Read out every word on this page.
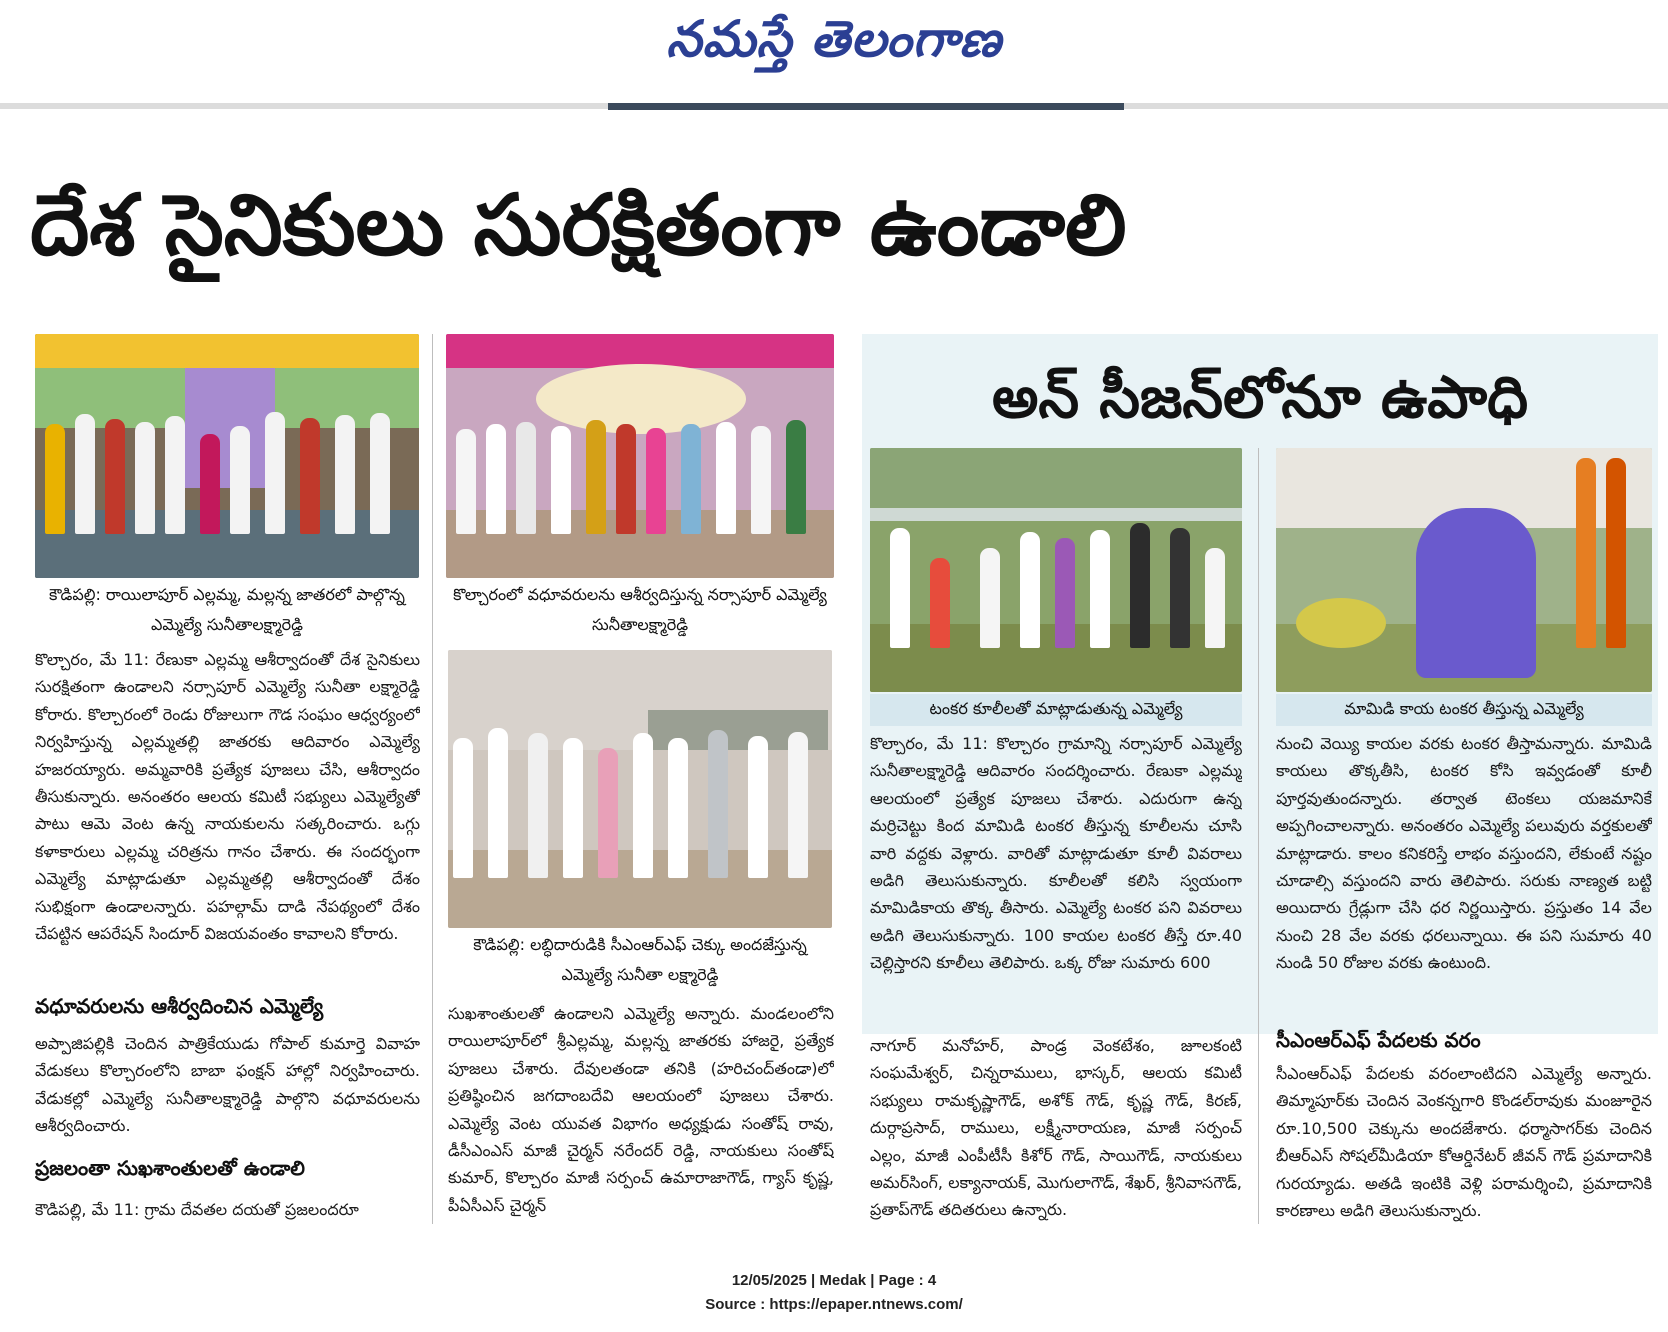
నమస్తే తెలంగాణ
దేశ సైనికులు సురక్షితంగా ఉండాలి
కౌడిపల్లి: రాయిలాపూర్ ఎల్లమ్మ, మల్లన్న జాతరలో పాల్గొన్న ఎమ్మెల్యే సునీతాలక్ష్మారెడ్డి
కొల్చారంలో వధూవరులను ఆశీర్వదిస్తున్న నర్సాపూర్ ఎమ్మెల్యే సునీతాలక్ష్మారెడ్డి
కౌడిపల్లి: లబ్ధిదారుడికి సీఎంఆర్ఎఫ్ చెక్కు అందజేస్తున్న ఎమ్మెల్యే సునీతా లక్ష్మారెడ్డి

కొల్చారం, మే 11: రేణుకా ఎల్లమ్మ ఆశీర్వాదంతో దేశ సైనికులు సురక్షితంగా ఉండాలని నర్సాపూర్ ఎమ్మెల్యే సునీతా లక్ష్మారెడ్డి కోరారు. కొల్చారంలో రెండు రోజులుగా గౌడ సంఘం ఆధ్వర్యంలో నిర్వహిస్తున్న ఎల్లమ్మతల్లి జాతరకు ఆదివారం ఎమ్మెల్యే హజరయ్యారు. అమ్మవారికి ప్రత్యేక పూజలు చేసి, ఆశీర్వాదం తీసుకున్నారు. అనంతరం ఆలయ కమిటీ సభ్యులు ఎమ్మెల్యేతో పాటు ఆమె వెంట ఉన్న నాయకులను సత్కరించారు. ఒగ్గు కళాకారులు ఎల్లమ్మ చరిత్రను గానం చేశారు. ఈ సందర్భంగా ఎమ్మెల్యే మాట్లాడుతూ ఎల్లమ్మతల్లి ఆశీర్వాదంతో దేశం సుభిక్షంగా ఉండాలన్నారు. పహల్గామ్ దాడి నేపథ్యంలో దేశం చేపట్టిన ఆపరేషన్ సిందూర్ విజయవంతం కావాలని కోరారు.

వధూవరులను ఆశీర్వదించిన ఎమ్మెల్యే

అప్పాజిపల్లికి చెందిన పాత్రికేయుడు గోపాల్ కుమార్తె వివాహ వేడుకలు కొల్చారంలోని బాబా ఫంక్షన్ హాల్లో నిర్వహించారు. వేడుకల్లో ఎమ్మెల్యే సునీతాలక్ష్మారెడ్డి పాల్గొని వధూవరులను ఆశీర్వదించారు.

ప్రజలంతా సుఖశాంతులతో ఉండాలి

కౌడిపల్లి, మే 11: గ్రామ దేవతల దయతో ప్రజలందరూ

సుఖశాంతులతో ఉండాలని ఎమ్మెల్యే అన్నారు. మండలంలోని రాయిలాపూర్‌లో శ్రీఎల్లమ్మ, మల్లన్న జాతరకు హాజరై, ప్రత్యేక పూజలు చేశారు. దేవులతండా తనికి (హరిచంద్‌తండా)లో ప్రతిష్ఠించిన జగదాంబదేవి ఆలయంలో పూజలు చేశారు. ఎమ్మెల్యే వెంట యువత విభాగం అధ్యక్షుడు సంతోష్ రావు, డీసీఎంఎస్ మాజీ చైర్మన్ నరేందర్ రెడ్డి, నాయకులు సంతోష్ కుమార్, కొల్చారం మాజీ సర్పంచ్ ఉమారాజాగౌడ్, గ్యాస్ కృష్ణ, పీఏసీఎస్ చైర్మన్

అన్ సీజన్‌లోనూ ఉపాధి
టంకర కూలీలతో మాట్లాడుతున్న ఎమ్మెల్యే	మామిడి కాయ టంకర తీస్తున్న ఎమ్మెల్యే

కొల్చారం, మే 11: కొల్చారం గ్రామాన్ని నర్సాపూర్ ఎమ్మెల్యే సునీతాలక్ష్మారెడ్డి ఆదివారం సందర్శించారు. రేణుకా ఎల్లమ్మ ఆలయంలో ప్రత్యేక పూజలు చేశారు. ఎదురుగా ఉన్న మర్రిచెట్టు కింద మామిడి టంకర తీస్తున్న కూలీలను చూసి వారి వద్దకు వెళ్లారు. వారితో మాట్లాడుతూ కూలీ వివరాలు అడిగి తెలుసుకున్నారు. కూలీలతో కలిసి స్వయంగా మామిడికాయ తొక్క తీసారు. ఎమ్మెల్యే టంకర పని వివరాలు అడిగి తెలుసుకున్నారు. 100 కాయల టంకర తీస్తే రూ.40 చెల్లిస్తారని కూలీలు తెలిపారు. ఒక్క రోజు సుమారు 600

నుంచి వెయ్యి కాయల వరకు టంకర తీస్తామన్నారు. మామిడి కాయలు తొక్కతీసి, టంకర కోసి ఇవ్వడంతో కూలీ పూర్తవుతుందన్నారు. తర్వాత టెంకలు యజమానికే అప్పగించాలన్నారు. అనంతరం ఎమ్మెల్యే పలువురు వర్తకులతో మాట్లాడారు. కాలం కనికరిస్తే లాభం వస్తుందని, లేకుంటే నష్టం చూడాల్సి వస్తుందని వారు తెలిపారు. సరుకు నాణ్యత బట్టి అయిదారు గ్రేడ్లుగా చేసి ధర నిర్ణయిస్తారు. ప్రస్తుతం 14 వేల నుంచి 28 వేల వరకు ధరలున్నాయి. ఈ పని సుమారు 40 నుండి 50 రోజుల వరకు ఉంటుంది.

నాగూర్ మనోహర్, పాండ్ర వెంకటేశం, జూలకంటి సంఘమేశ్వర్, చిన్నరాములు, భాస్కర్, ఆలయ కమిటీ సభ్యులు రామకృష్ణాగౌడ్, అశోక్ గౌడ్, కృష్ణ గౌడ్, కిరణ్, దుర్గాప్రసాద్, రాములు, లక్ష్మీనారాయణ, మాజీ సర్పంచ్ ఎల్లం, మాజీ ఎంపీటీసీ కిశోర్ గౌడ్, సాయిగౌడ్, నాయకులు అమర్‌సింగ్, లక్యానాయక్, మొగులాగౌడ్, శేఖర్, శ్రీనివాసగౌడ్, ప్రతాప్‌గౌడ్ తదితరులు ఉన్నారు.

సీఎంఆర్ఎఫ్ పేదలకు వరం

సీఎంఆర్ఎఫ్ పేదలకు వరంలాంటిదని ఎమ్మెల్యే అన్నారు. తిమ్మాపూర్‌కు చెందిన వెంకన్నగారి కొండల్‌రావుకు మంజూరైన రూ.10,500 చెక్కును అందజేశారు. ధర్మాసాగర్‌కు చెందిన బీఆర్ఎస్ సోషల్‌మీడియా కోఆర్డినేటర్ జీవన్ గౌడ్ ప్రమాదానికి గురయ్యాడు. అతడి ఇంటికి వెళ్లి పరామర్శించి, ప్రమాదానికి కారణాలు అడిగి తెలుసుకున్నారు.

12/05/2025 | Medak | Page : 4
Source : https://epaper.ntnews.com/
